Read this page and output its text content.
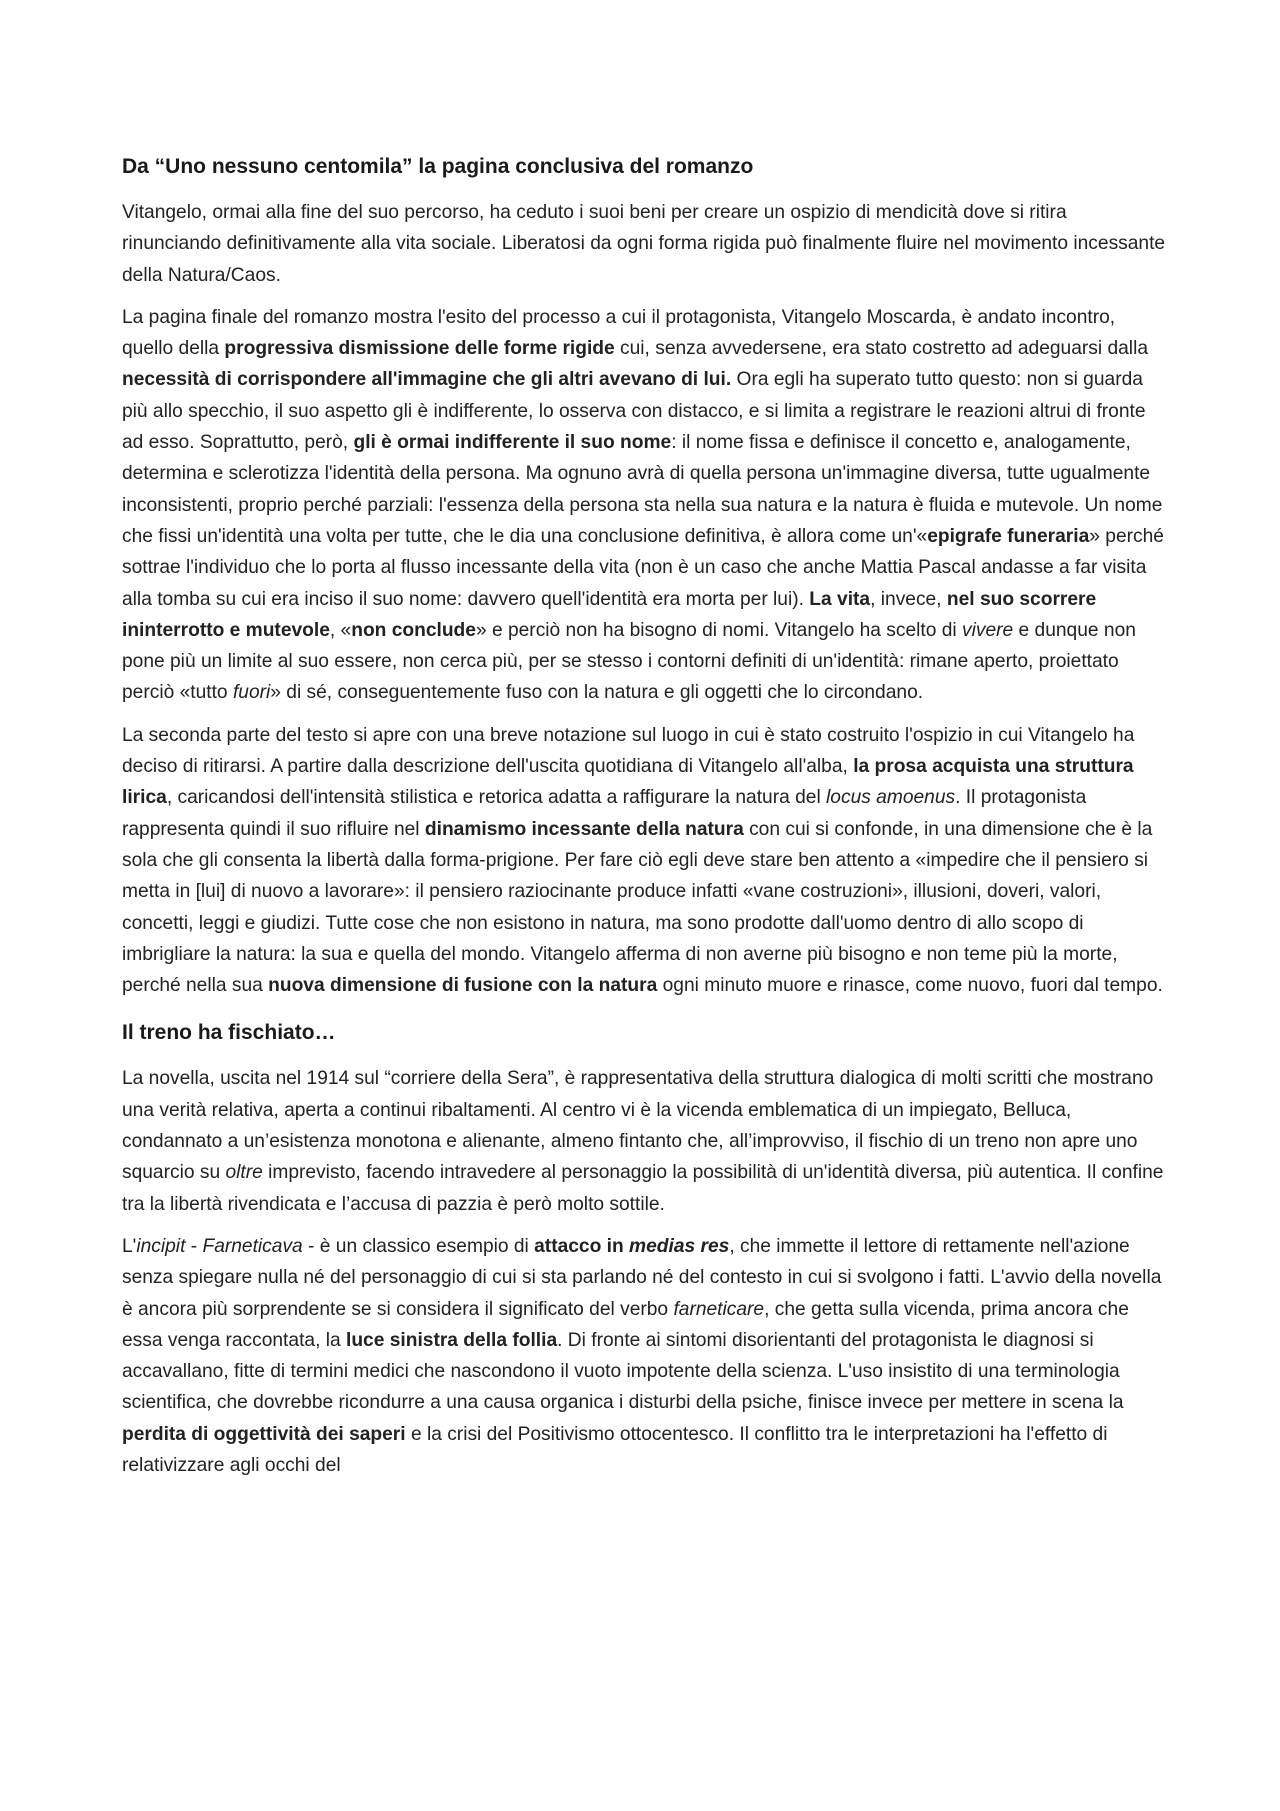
Da “Uno nessuno centomila” la pagina conclusiva del romanzo

Vitangelo, ormai alla fine del suo percorso, ha ceduto i suoi beni per creare un ospizio di mendicità dove si ritira rinunciando definitivamente alla vita sociale. Liberatosi da ogni forma rigida può finalmente fluire nel movimento incessante della Natura/Caos.

La pagina finale del romanzo mostra l'esito del processo a cui il protagonista, Vitangelo Moscarda, è andato incontro, quello della progressiva dismissione delle forme rigide cui, senza avvedersene, era stato costretto ad adeguarsi dalla necessità di corrispondere all'immagine che gli altri avevano di lui. Ora egli ha superato tutto questo: non si guarda più allo specchio, il suo aspetto gli è indifferente, lo osserva con distacco, e si limita a registrare le reazioni altrui di fronte ad esso. Soprattutto, però, gli è ormai indifferente il suo nome: il nome fissa e definisce il concetto e, analogamente, determina e sclerotizza l'identità della persona. Ma ognuno avrà di quella persona un'immagine diversa, tutte ugualmente inconsistenti, proprio perché parziali: l'essenza della persona sta nella sua natura e la natura è fluida e mutevole. Un nome che fissi un'identità una volta per tutte, che le dia una conclusione definitiva, è allora come un'«epigrafe funeraria» perché sottrae l'individuo che lo porta al flusso incessante della vita (non è un caso che anche Mattia Pascal andasse a far visita alla tomba su cui era inciso il suo nome: davvero quell'identità era morta per lui). La vita, invece, nel suo scorrere ininterrotto e mutevole, «non conclude» e perciò non ha bisogno di nomi. Vitangelo ha scelto di vivere e dunque non pone più un limite al suo essere, non cerca più, per se stesso i contorni definiti di un'identità: rimane aperto, proiettato perciò «tutto fuori» di sé, conseguentemente fuso con la natura e gli oggetti che lo circondano.

La seconda parte del testo si apre con una breve notazione sul luogo in cui è stato costruito l'ospizio in cui Vitangelo ha deciso di ritirarsi. A partire dalla descrizione dell'uscita quotidiana di Vitangelo all'alba, la prosa acquista una struttura lirica, caricandosi dell'intensità stilistica e retorica adatta a raffigurare la natura del locus amoenus. Il protagonista rappresenta quindi il suo rifluire nel dinamismo incessante della natura con cui si confonde, in una dimensione che è la sola che gli consenta la libertà dalla forma-prigione. Per fare ciò egli deve stare ben attento a «impedire che il pensiero si metta in [lui] di nuovo a lavorare»: il pensiero raziocinante produce infatti «vane costruzioni», illusioni, doveri, valori, concetti, leggi e giudizi. Tutte cose che non esistono in natura, ma sono prodotte dall'uomo dentro di allo scopo di imbrigliare la natura: la sua e quella del mondo. Vitangelo afferma di non averne più bisogno e non teme più la morte, perché nella sua nuova dimensione di fusione con la natura ogni minuto muore e rinasce, come nuovo, fuori dal tempo.

Il treno ha fischiato…

La novella, uscita nel 1914 sul “corriere della Sera”, è rappresentativa della struttura dialogica di molti scritti che mostrano una verità relativa, aperta a continui ribaltamenti. Al centro vi è la vicenda emblematica di un impiegato, Belluca, condannato a un’esistenza monotona e alienante, almeno fintanto che, all’improvviso, il fischio di un treno non apre uno squarcio su oltre imprevisto, facendo intravedere al personaggio la possibilità di un'identità diversa, più autentica. Il confine tra la libertà rivendicata e l’accusa di pazzia è però molto sottile.

L'incipit - Farneticava - è un classico esempio di attacco in medias res, che immette il lettore di rettamente nell'azione senza spiegare nulla né del personaggio di cui si sta parlando né del contesto in cui si svolgono i fatti. L'avvio della novella è ancora più sorprendente se si considera il significato del verbo farneticare, che getta sulla vicenda, prima ancora che essa venga raccontata, la luce sinistra della follia. Di fronte ai sintomi disorientanti del protagonista le diagnosi si accavallano, fitte di termini medici che nascondono il vuoto impotente della scienza. L'uso insistito di una terminologia scientifica, che dovrebbe ricondurre a una causa organica i disturbi della psiche, finisce invece per mettere in scena la perdita di oggettività dei saperi e la crisi del Positivismo ottocentesco. Il conflitto tra le interpretazioni ha l'effetto di relativizzare agli occhi del
